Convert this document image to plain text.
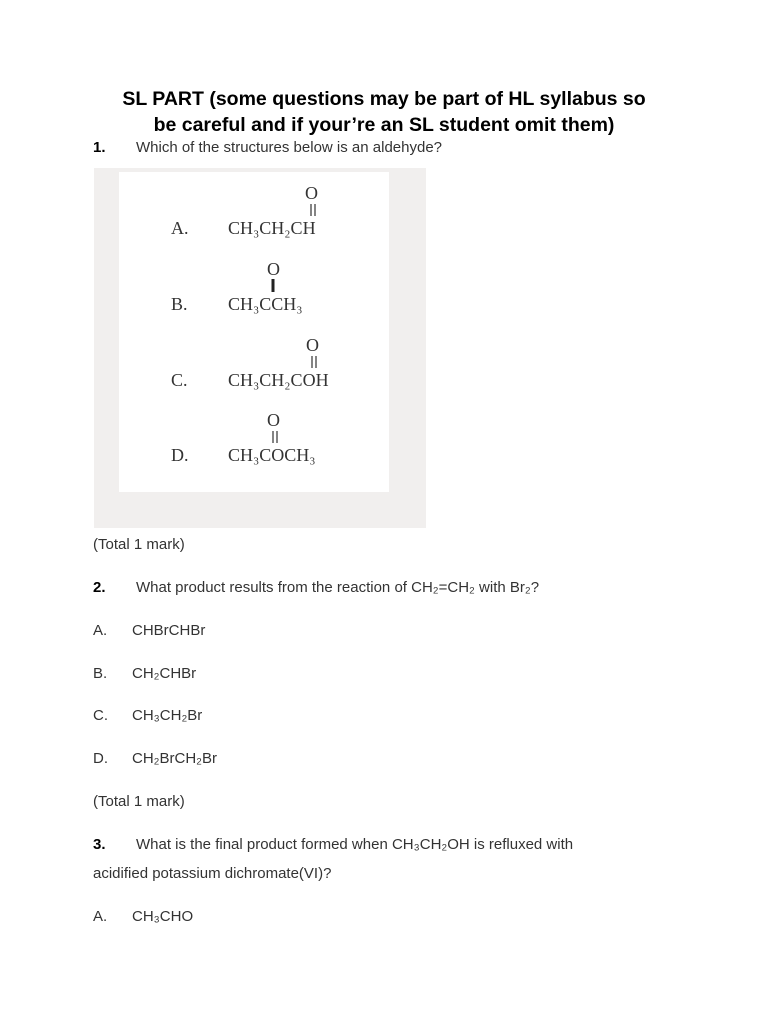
SL PART (some questions may be part of HL syllabus so
be careful and if your’re an SL student omit them)
1. Which of the structures below is an aldehyde?
A. CH₃CH₂CH
O
B. CH₃CCH₃
O
C. CH₃CH₂COH
O
D. CH₃COCH₃
O
(Total 1 mark)
2. What product results from the reaction of CH₂=CH₂ with Br₂?
A. CHBrCHBr
B. CH₂CHBr
C. CH₃CH₂Br
D. CH₂BrCH₂Br
(Total 1 mark)
3. What is the final product formed when CH₃CH₂OH is refluxed with
acidified potassium dichromate(VI)?
A. CH₃CHO
